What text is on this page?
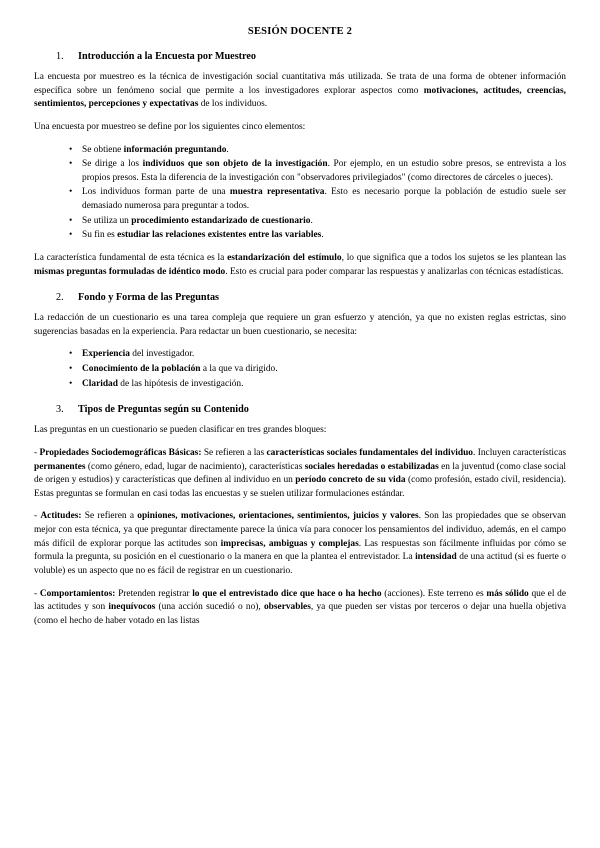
SESIÓN DOCENTE 2
1.	Introducción a la Encuesta por Muestreo

La encuesta por muestreo es la técnica de investigación social cuantitativa más utilizada. Se trata de una forma de obtener información específica sobre un fenómeno social que permite a los investigadores explorar aspectos como motivaciones, actitudes, creencias, sentimientos, percepciones y expectativas de los individuos.

Una encuesta por muestreo se define por los siguientes cinco elementos:

• Se obtiene información preguntando.
• Se dirige a los individuos que son objeto de la investigación. Por ejemplo, en un estudio sobre presos, se entrevista a los propios presos. Esta la diferencia de la investigación con "observadores privilegiados" (como directores de cárceles o jueces).
• Los individuos forman parte de una muestra representativa. Esto es necesario porque la población de estudio suele ser demasiado numerosa para preguntar a todos.
• Se utiliza un procedimiento estandarizado de cuestionario.
• Su fin es estudiar las relaciones existentes entre las variables.

La característica fundamental de esta técnica es la estandarización del estímulo, lo que significa que a todos los sujetos se les plantean las mismas preguntas formuladas de idéntico modo. Esto es crucial para poder comparar las respuestas y analizarlas con técnicas estadísticas.

2.	Fondo y Forma de las Preguntas

La redacción de un cuestionario es una tarea compleja que requiere un gran esfuerzo y atención, ya que no existen reglas estrictas, sino sugerencias basadas en la experiencia. Para redactar un buen cuestionario, se necesita:

• Experiencia del investigador.
• Conocimiento de la población a la que va dirigido.
• Claridad de las hipótesis de investigación.
3.	Tipos de Preguntas según su Contenido

Las preguntas en un cuestionario se pueden clasificar en tres grandes bloques:

- Propiedades Sociodemográficas Básicas: Se refieren a las características sociales fundamentales del individuo. Incluyen características permanentes (como género, edad, lugar de nacimiento), características sociales heredadas o estabilizadas en la juventud (como clase social de origen y estudios) y características que definen al individuo en un período concreto de su vida (como profesión, estado civil, residencia). Estas preguntas se formulan en casi todas las encuestas y se suelen utilizar formulaciones estándar.
- Actitudes: Se refieren a opiniones, motivaciones, orientaciones, sentimientos, juicios y valores. Son las propiedades que se observan mejor con esta técnica, ya que preguntar directamente parece la única vía para conocer los pensamientos del individuo, además, en el campo más difícil de explorar porque las actitudes son imprecisas, ambiguas y complejas. Las respuestas son fácilmente influidas por cómo se formula la pregunta, su posición en el cuestionario o la manera en que la plantea el entrevistador. La intensidad de una actitud (si es fuerte o voluble) es un aspecto que no es fácil de registrar en un cuestionario.
- Comportamientos: Pretenden registrar lo que el entrevistado dice que hace o ha hecho (acciones). Este terreno es más sólido que el de las actitudes y son inequívocos (una acción sucedió o no), observables, ya que pueden ser vistas por terceros o dejar una huella objetiva (como el hecho de haber votado en las listas
